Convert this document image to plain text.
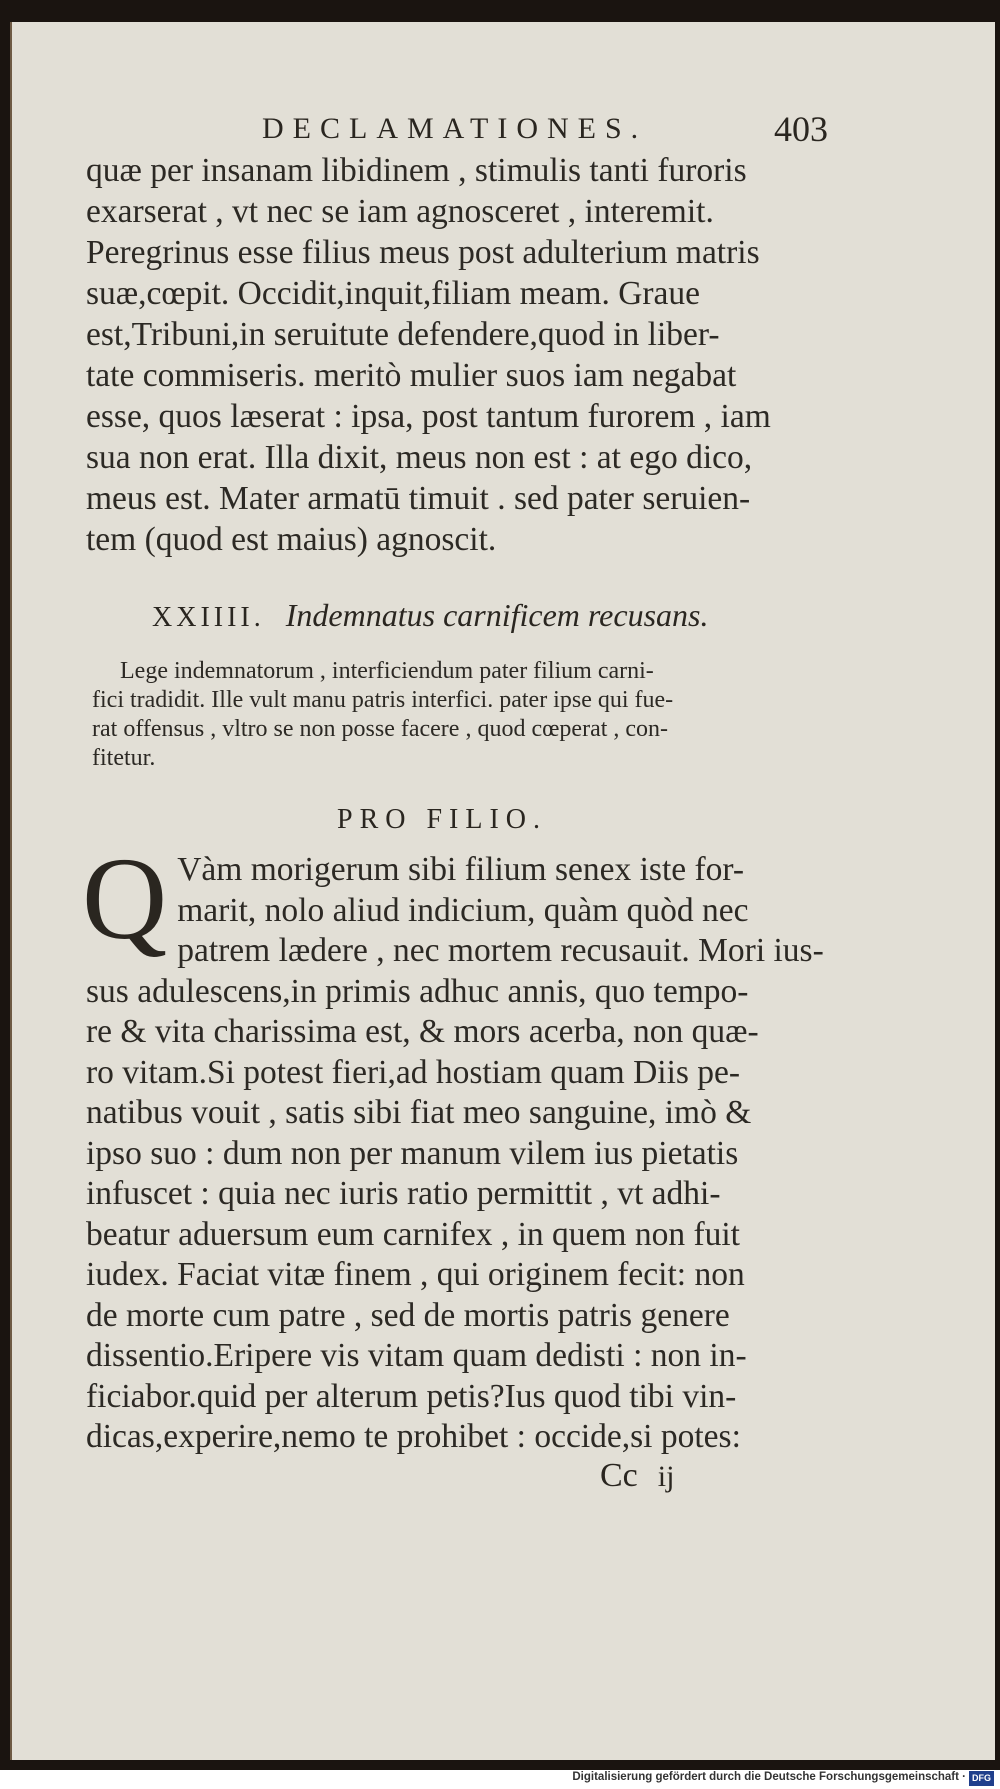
DECLAMATIONES.	403
quæ per insanam libidinem , stimulis tanti furoris
exarserat , vt nec se iam agnosceret , interemit.
Peregrinus esse filius meus post adulterium matris
suæ,cœpit. Occidit,inquit,filiam meam. Graue
est,Tribuni,in seruitute defendere,quod in liber-
tate commiseris. meritò mulier suos iam negabat
esse, quos læserat : ipsa, post tantum furorem , iam
sua non erat. Illa dixit, meus non est : at ego dico,
meus est. Mater armatū timuit . sed pater seruien-
tem (quod est maius) agnoscit.
XXIIII. Indemnatus carnificem recusans.
Lege indemnatorum , interficiendum pater filium carni-
fici tradidit. Ille vult manu patris interfici. pater ipse qui fue-
rat offensus , vltro se non posse facere , quod cœperat , con-
fitetur.
PRO FILIO.
Q Vàm morigerum sibi filium senex iste for-
marit, nolo aliud indicium, quàm quòd nec
patrem lædere , nec mortem recusauit. Mori ius-
sus adulescens,in primis adhuc annis, quo tempo-
re & vita charissima est, & mors acerba, non quæ-
ro vitam.Si potest fieri,ad hostiam quam Diis pe-
natibus vouit , satis sibi fiat meo sanguine, imò &
ipso suo : dum non per manum vilem ius pietatis
infuscet : quia nec iuris ratio permittit , vt adhi-
beatur aduersum eum carnifex , in quem non fuit
iudex. Faciat vitæ finem , qui originem fecit: non
de morte cum patre , sed de mortis patris genere
dissentio.Eripere vis vitam quam dedisti : non in-
ficiabor.quid per alterum petis?Ius quod tibi vin-
dicas,experire,nemo te prohibet : occide,si potes:
Cc ij
Digitalisierung gefördert durch die Deutsche Forschungsgemeinschaft · DFG
